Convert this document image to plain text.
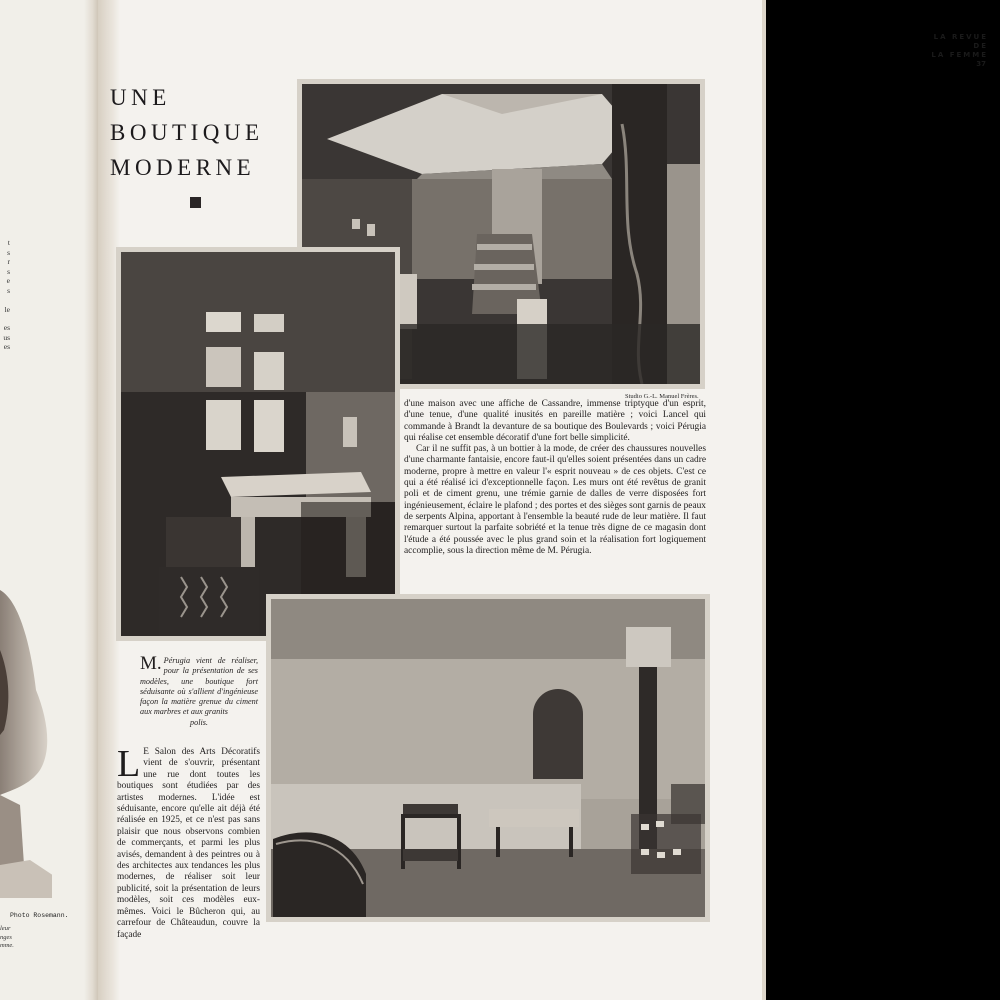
t
s
r
s
e
s
le
es
us
es
Photo Rosemann.
leur
nges
mme.
LA REVUE
DE
LA FEMME
37
UNE
BOUTIQUE
MODERNE
Studio G.-L. Manuel Frères.

d'une maison avec une affiche de Cassandre, immense triptyque d'un esprit, d'une tenue, d'une qualité inusités en pareille matière ; voici Lancel qui commande à Brandt la devanture de sa boutique des Boulevards ; voici Pérugia qui réalise cet ensemble décoratif d'une fort belle simplicité.

Car il ne suffit pas, à un bottier à la mode, de créer des chaussures nouvelles d'une charmante fantaisie, encore faut-il qu'elles soient présentées dans un cadre moderne, propre à mettre en valeur l'« esprit nouveau » de ces objets. C'est ce qui a été réalisé ici d'exceptionnelle façon. Les murs ont été revêtus de granit poli et de ciment grenu, une trémie garnie de dalles de verre disposées fort ingénieusement, éclaire le plafond ; des portes et des sièges sont garnis de peaux de serpents Alpina, apportant à l'ensemble la beauté rude de leur matière. Il faut remarquer surtout la parfaite sobriété et la tenue très digne de ce magasin dont l'étude a été poussée avec le plus grand soin et la réalisation fort logiquement accomplie, sous la direction même de M. Pérugia.

M. Pérugia vient de réaliser, pour la présentation de ses modèles, une boutique fort séduisante où s'allient d'ingénieuse façon la matière grenue du ciment aux marbres et aux granits
polis.
L E Salon des Arts Décoratifs vient de s'ouvrir, présentant une rue dont toutes les boutiques sont étudiées par des artistes modernes. L'idée est séduisante, encore qu'elle ait déjà été réalisée en 1925, et ce n'est pas sans plaisir que nous observons combien de commerçants, et parmi les plus avisés, demandent à des peintres ou à des architectes aux tendances les plus modernes, de réaliser soit leur publicité, soit la présentation de leurs modèles, soit ces modèles eux-mêmes. Voici le Bûcheron qui, au carrefour de Châteaudun, couvre la façade
